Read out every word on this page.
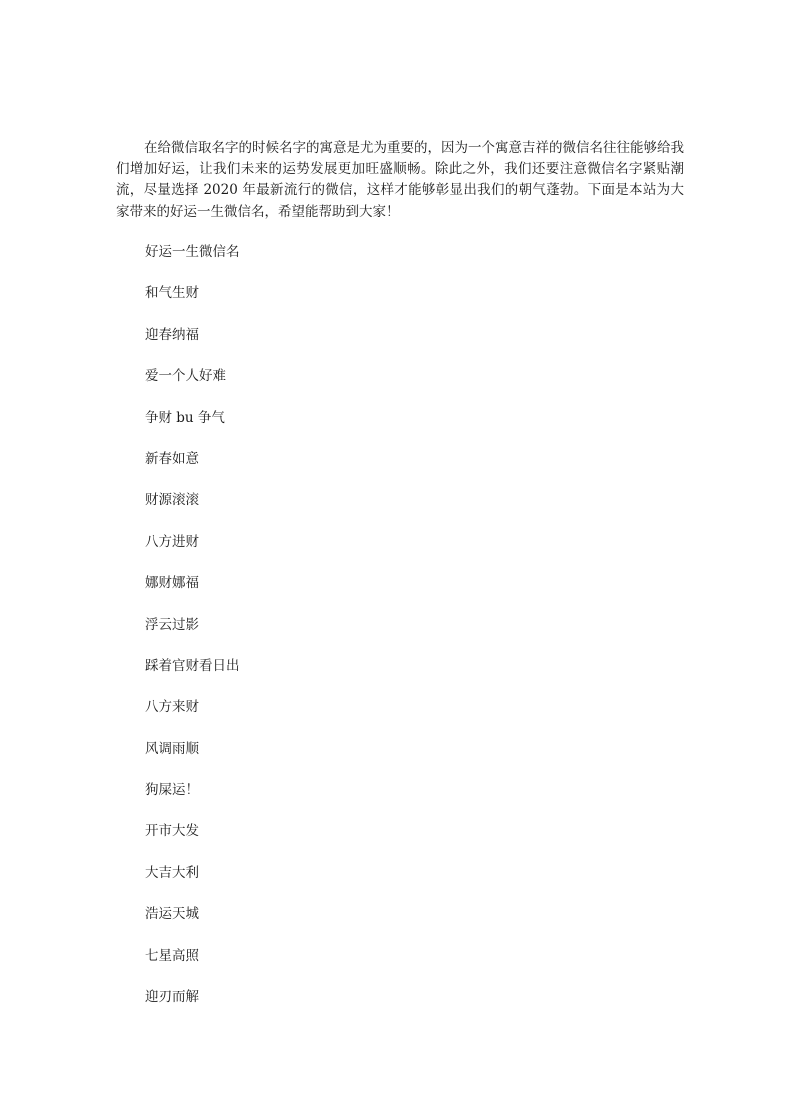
在给微信取名字的时候名字的寓意是尤为重要的，因为一个寓意吉祥的微信名往往能够给我们增加好运，让我们未来的运势发展更加旺盛顺畅。除此之外，我们还要注意微信名字紧贴潮流，尽量选择 2020 年最新流行的微信，这样才能够彰显出我们的朝气蓬勃。下面是本站为大家带来的好运一生微信名，希望能帮助到大家！

好运一生微信名
和气生财
迎春纳福
爱一个人好难
争财 bu 争气
新春如意
财源滚滚
八方进财
娜财娜福
浮云过影
踩着官财看日出
八方来财
风调雨顺
狗屎运！
开市大发
大吉大利
浩运天城
七星高照
迎刃而解
